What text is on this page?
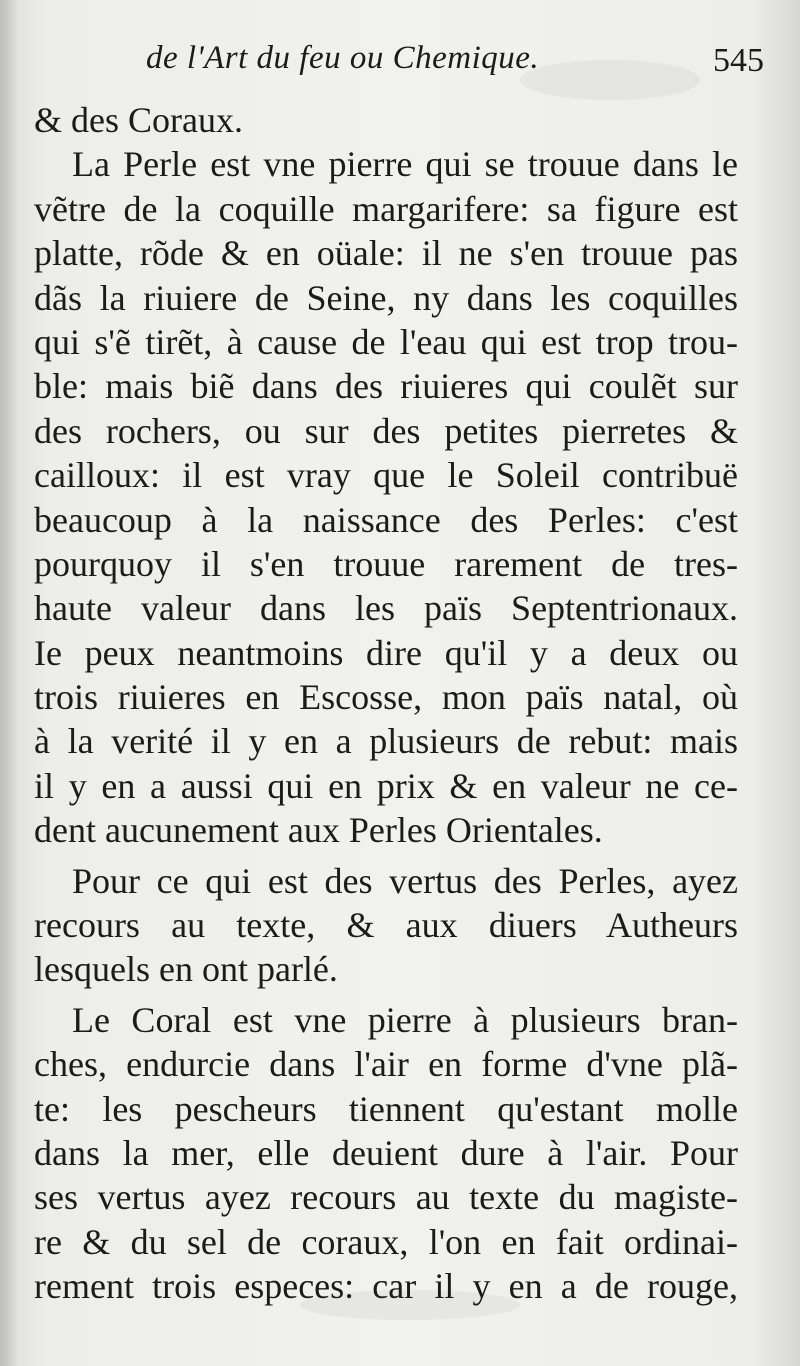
de l'Art du feu ou Chemique.	545
& des Coraux.
La Perle est vne pierre qui se trouue dans le
vẽtre de la coquille margarifere: sa figure est
platte, rõde & en oüale: il ne s'en trouue pas
dãs la riuiere de Seine, ny dans les coquilles
qui s'ẽ tirẽt, à cause de l'eau qui est trop trou-
ble: mais biẽ dans des riuieres qui coulẽt sur
des rochers, ou sur des petites pierretes &
cailloux: il est vray que le Soleil contribuë
beaucoup à la naissance des Perles: c'est
pourquoy il s'en trouue rarement de tres-
haute valeur dans les païs Septentrionaux.
Ie peux neantmoins dire qu'il y a deux ou
trois riuieres en Escosse, mon païs natal, où
à la verité il y en a plusieurs de rebut: mais
il y en a aussi qui en prix & en valeur ne ce-
dent aucunement aux Perles Orientales.
Pour ce qui est des vertus des Perles, ayez
recours au texte, & aux diuers Autheurs
lesquels en ont parlé.
Le Coral est vne pierre à plusieurs bran-
ches, endurcie dans l'air en forme d'vne plã-
te: les pescheurs tiennent qu'estant molle
dans la mer, elle deuient dure à l'air. Pour
ses vertus ayez recours au texte du magiste-
re & du sel de coraux, l'on en fait ordinai-
rement trois especes: car il y en a de rouge,
